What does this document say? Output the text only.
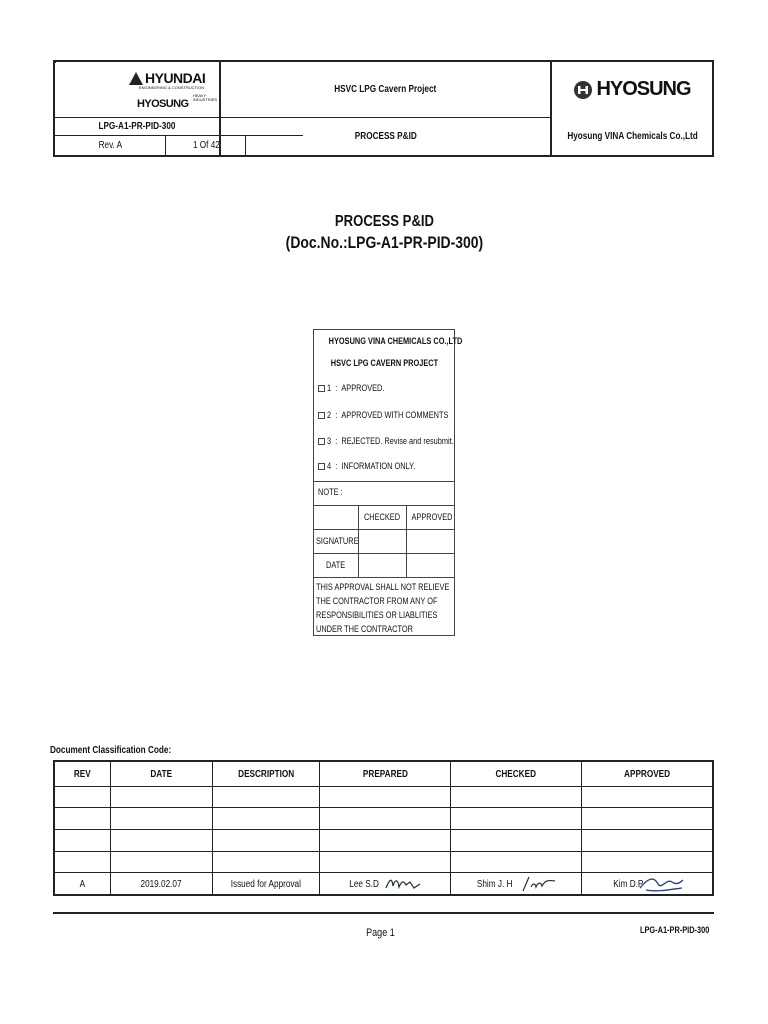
HYUNDAI
ENGINEERING & CONSTRUCTION
HYOSUNG HEAVY INDUSTRIES
LPG-A1-PR-PID-300
Rev. A	1 Of 42
HSVC LPG Cavern Project
PROCESS P&ID
HYOSUNG
Hyosung VINA Chemicals Co.,Ltd
PROCESS P&ID
(Doc.No.:LPG-A1-PR-PID-300)
HYOSUNG VINA CHEMICALS CO.,LTD
HSVC LPG CAVERN PROJECT
1  :  APPROVED.
2  :  APPROVED WITH COMMENTS
3  :  REJECTED. Revise and resubmit.
4  :  INFORMATION ONLY.
NOTE :
CHECKED	APPROVED
SIGNATURE
DATE
THIS APPROVAL SHALL NOT RELIEVE THE CONTRACTOR FROM ANY OF RESPONSIBILITIES OR LIABLITIES UNDER THE CONTRACTOR
Document Classification Code:
REV	DATE	DESCRIPTION	PREPARED	CHECKED	APPROVED
A	2019.02.07	Issued for Approval	Lee S.D	Shim J. H	Kim D.P
Page 1	LPG-A1-PR-PID-300
